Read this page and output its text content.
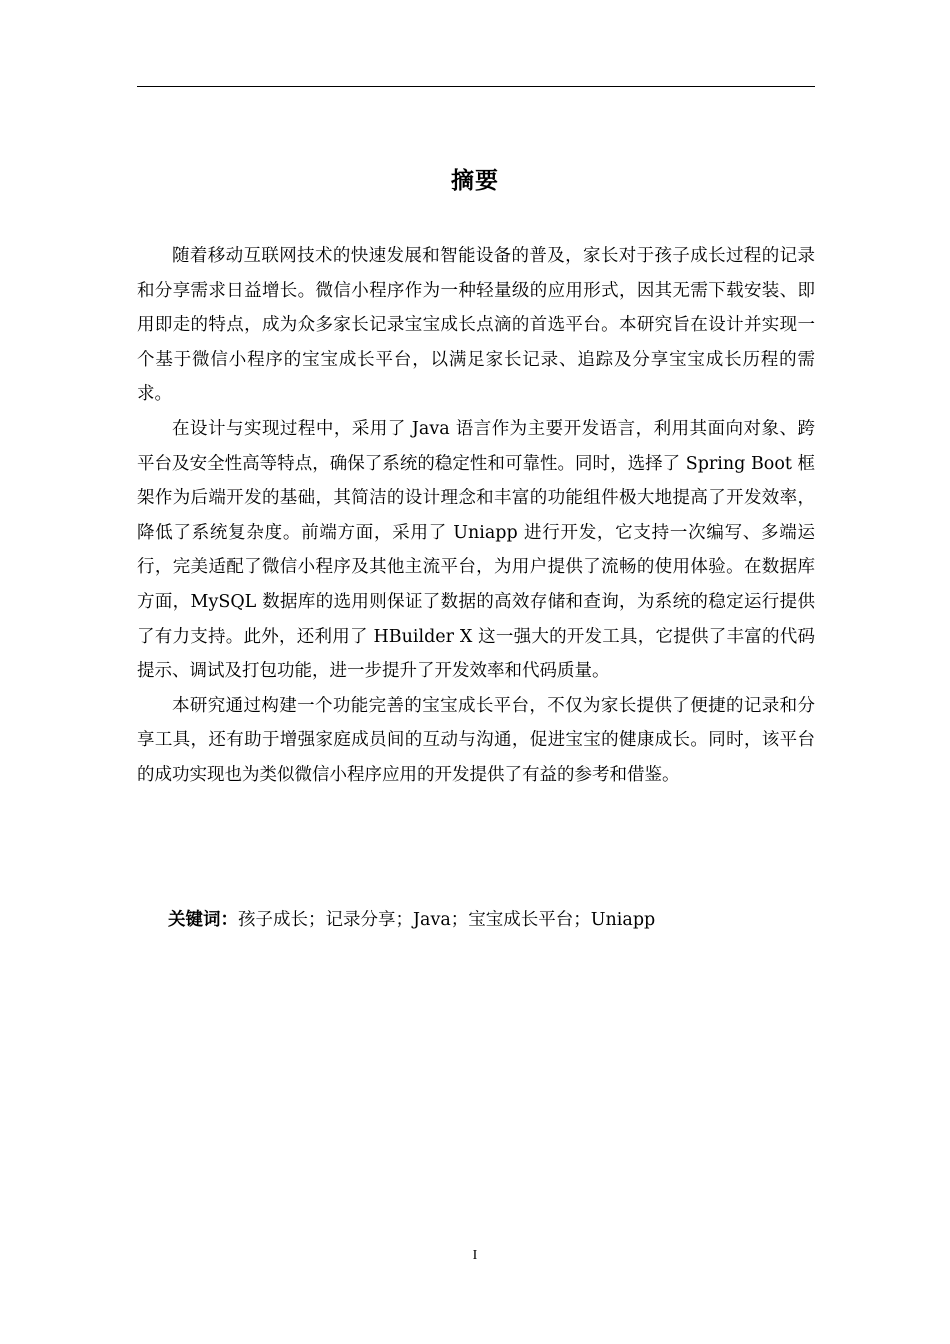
摘要

随着移动互联网技术的快速发展和智能设备的普及，家长对于孩子成长过程的记录和分享需求日益增长。微信小程序作为一种轻量级的应用形式，因其无需下载安装、即用即走的特点，成为众多家长记录宝宝成长点滴的首选平台。本研究旨在设计并实现一个基于微信小程序的宝宝成长平台，以满足家长记录、追踪及分享宝宝成长历程的需求。

在设计与实现过程中，采用了 Java 语言作为主要开发语言，利用其面向对象、跨平台及安全性高等特点，确保了系统的稳定性和可靠性。同时，选择了 Spring Boot 框架作为后端开发的基础，其简洁的设计理念和丰富的功能组件极大地提高了开发效率，降低了系统复杂度。前端方面，采用了 Uniapp 进行开发，它支持一次编写、多端运行，完美适配了微信小程序及其他主流平台，为用户提供了流畅的使用体验。在数据库方面，MySQL 数据库的选用则保证了数据的高效存储和查询，为系统的稳定运行提供了有力支持。此外，还利用了 HBuilder X 这一强大的开发工具，它提供了丰富的代码提示、调试及打包功能，进一步提升了开发效率和代码质量。

本研究通过构建一个功能完善的宝宝成长平台，不仅为家长提供了便捷的记录和分享工具，还有助于增强家庭成员间的互动与沟通，促进宝宝的健康成长。同时，该平台的成功实现也为类似微信小程序应用的开发提供了有益的参考和借鉴。

关键词：孩子成长；记录分享；Java；宝宝成长平台；Uniapp
I
